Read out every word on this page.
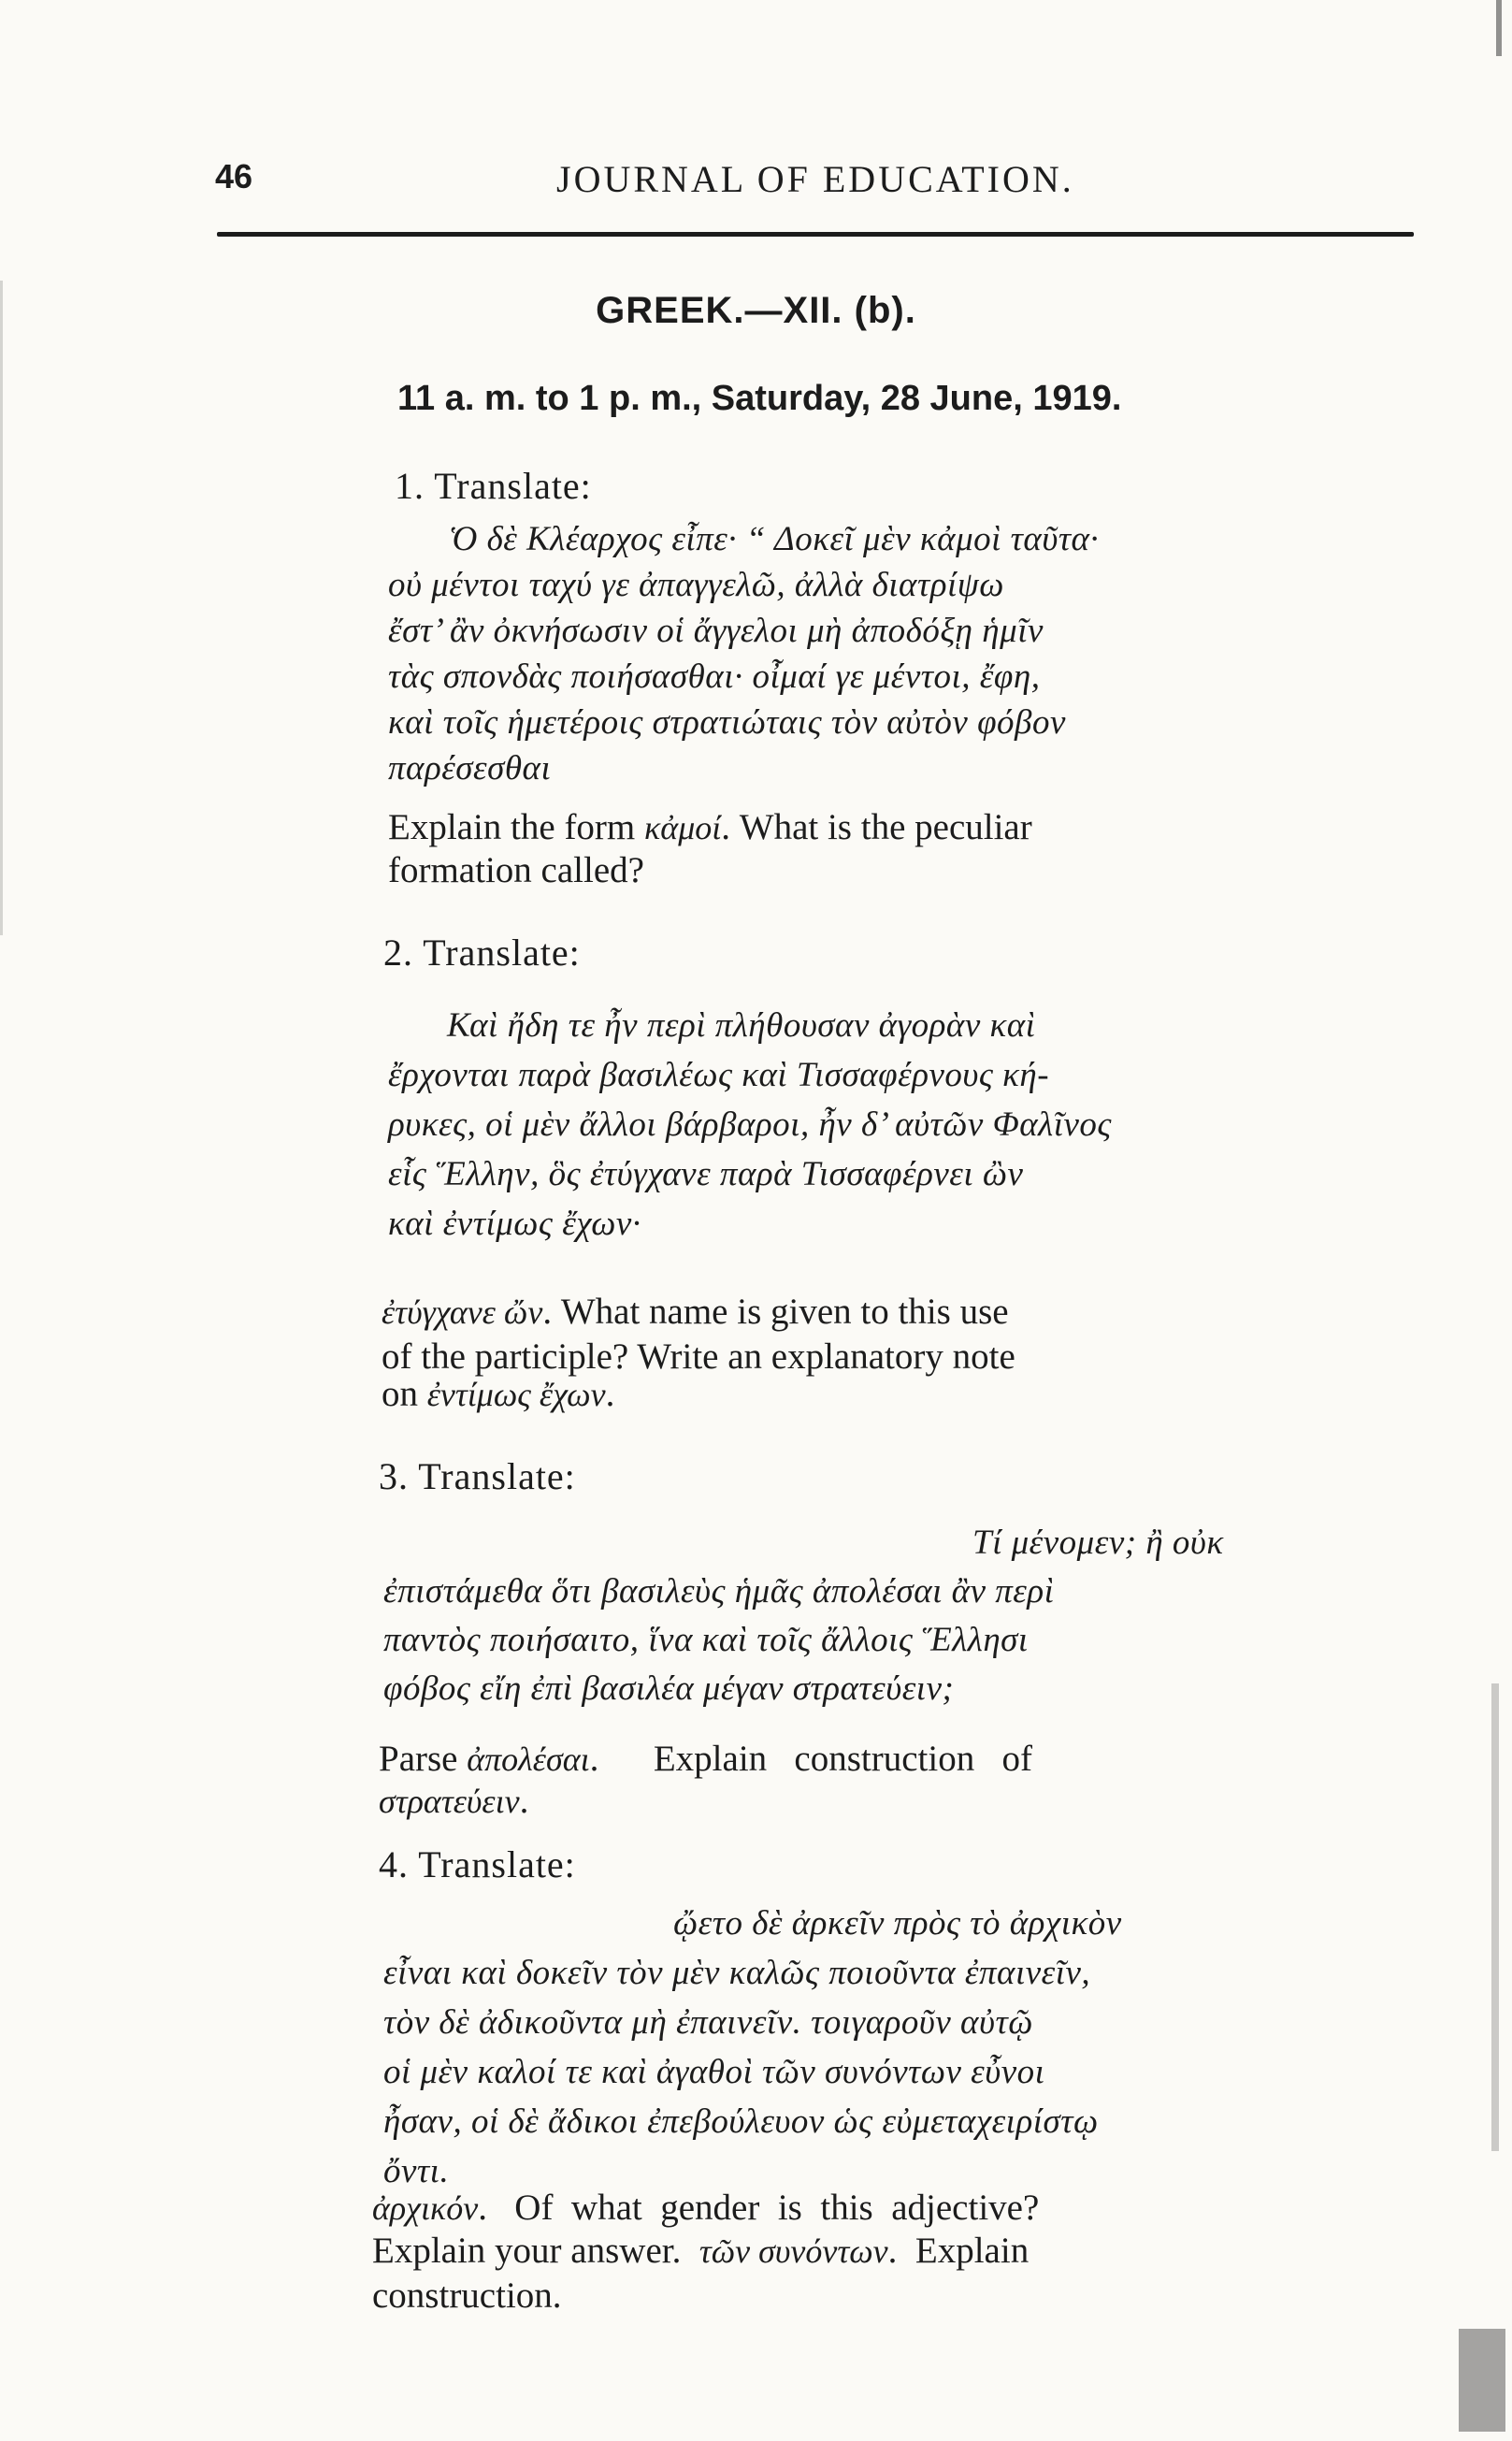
46	JOURNAL OF EDUCATION.
GREEK.—XII. (b).
11 a. m. to 1 p. m., Saturday, 28 June, 1919.
1. Translate:
Ὁ δὲ Κλέαρχος εἶπε· “ Δοκεῖ μὲν κἀμοὶ ταῦτα·
οὐ μέντοι ταχύ γε ἀπαγγελῶ, ἀλλὰ διατρίψω
ἔστ’ ἂν ὀκνήσωσιν οἱ ἄγγελοι μὴ ἀποδόξῃ ἡμῖν
τὰς σπονδὰς ποιήσασθαι· οἶμαί γε μέντοι, ἔφη,
καὶ τοῖς ἡμετέροις στρατιώταις τὸν αὐτὸν φόβον
παρέσεσθαι
Explain the form κἀμοί. What is the peculiar
formation called?
2. Translate:
Καὶ ἤδη τε ἦν περὶ πλήθουσαν ἀγορὰν καὶ
ἔρχονται παρὰ βασιλέως καὶ Τισσαφέρνους κή-
ρυκες, οἱ μὲν ἄλλοι βάρβαροι, ἦν δ’ αὐτῶν Φαλῖνος
εἷς Ἕλλην, ὃς ἐτύγχανε παρὰ Τισσαφέρνει ὢν
καὶ ἐντίμως ἔχων·
ἐτύγχανε ὤν. What name is given to this use
of the participle? Write an explanatory note
on ἐντίμως ἔχων.
3. Translate:
Τί μένομεν; ἢ οὐκ
ἐπιστάμεθα ὅτι βασιλεὺς ἡμᾶς ἀπολέσαι ἂν περὶ
παντὸς ποιήσαιτο, ἵνα καὶ τοῖς ἄλλοις Ἕλλησι
φόβος εἴη ἐπὶ βασιλέα μέγαν στρατεύειν;
Parse ἀπολέσαι.      Explain   construction   of
στρατεύειν.
4. Translate:
ᾤετο δὲ ἀρκεῖν πρὸς τὸ ἀρχικὸν
εἶναι καὶ δοκεῖν τὸν μὲν καλῶς ποιοῦντα ἐπαινεῖν,
τὸν δὲ ἀδικοῦντα μὴ ἐπαινεῖν. τοιγαροῦν αὐτῷ
οἱ μὲν καλοί τε καὶ ἀγαθοὶ τῶν συνόντων εὖνοι
ἦσαν, οἱ δὲ ἄδικοι ἐπεβούλευον ὡς εὐμεταχειρίστῳ
ὄντι.
ἀρχικόν.   Of  what  gender  is  this  adjective?
Explain your answer.  τῶν συνόντων.  Explain
construction.
